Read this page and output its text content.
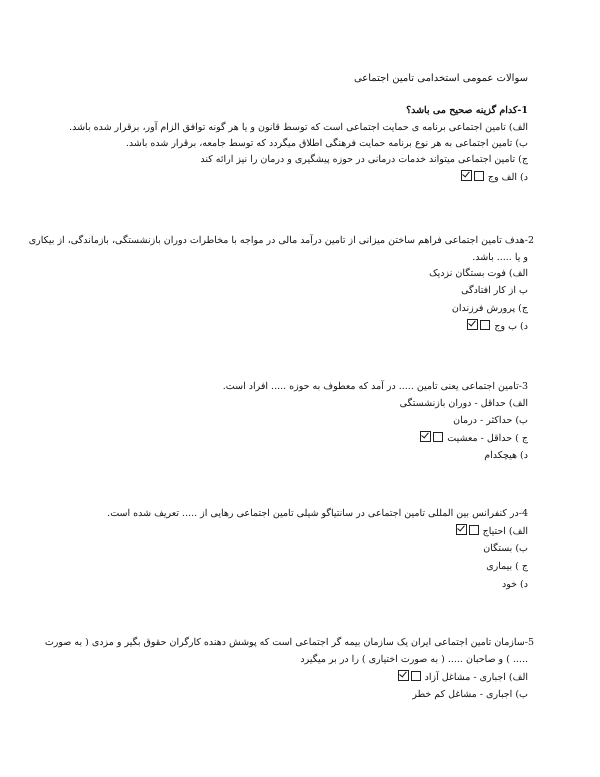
سوالات عمومی استخدامی تامین اجتماعی
1-کدام گزینه صحیح می باشد؟
الف) تامین اجتماعی برنامه ی حمایت اجتماعی است که توسط قانون و یا هر گونه توافق الزام آور، برقرار شده باشد.
ب) تامین اجتماعی به هر نوع برنامه حمایت فرهنگی اطلاق میگردد که توسط جامعه، برقرار شده باشد.
ج) تامین اجتماعی میتواند خدمات درمانی در حوزه پیشگیری و درمان را نیز ارائه کند
د) الف وج
2-هدف تامین اجتماعی فراهم ساختن میزانی از تامین درآمد مالی در مواجه با مخاطرات دوران بازنشستگی، بازماندگی، از بیکاری
و یا ..... باشد.
الف) فوت بستگان نزدیک
ب از کار افتادگی
ج) پرورش فرزندان
د) ب وج
3-تامین اجتماعی یعنی تامین ..... در آمد که معطوف به حوزه ..... افراد است.
الف) حداقل - دوران بازنشستگی
ب) حداکثر - درمان
ج ) حداقل - معشیت
د) هیچکدام
4-در کنفرانس بین المللی تامین اجتماعی در سانتیاگو شیلی تامین اجتماعی رهایی از ..... تعریف شده است.
الف) احتیاج
ب) بستگان
ج ) بیماری
د) خود
5-سازمان تامین اجتماعی ایران یک سازمان بیمه گر اجتماعی است که پوشش دهنده کارگران حقوق بگیر و مزدی ( به صورت
..... ) و صاحبان ..... ( به صورت اختیاری ) را در بر میگیرد
الف) اجباری - مشاغل آزاد
ب) اجباری - مشاغل کم خطر
